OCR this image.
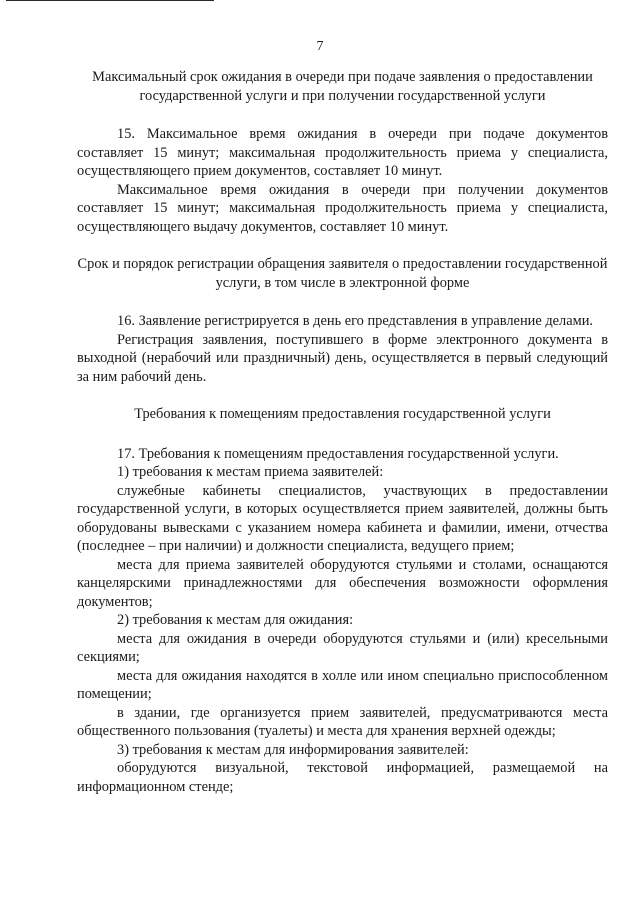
7
Максимальный срок ожидания в очереди при подаче заявления о предоставлении государственной услуги и при получении государственной услуги

15. Максимальное время ожидания в очереди при подаче документов составляет 15 минут; максимальная продолжительность приема у специалиста, осуществляющего прием документов, составляет 10 минут.

Максимальное время ожидания в очереди при получении документов составляет 15 минут; максимальная продолжительность приема у специалиста, осуществляющего выдачу документов, составляет 10 минут.

Срок и порядок регистрации обращения заявителя о предоставлении государственной услуги, в том числе в электронной форме

16. Заявление регистрируется в день его представления в управление делами.

Регистрация заявления, поступившего в форме электронного документа в выходной (нерабочий или праздничный) день, осуществляется в первый следующий за ним рабочий день.

Требования к помещениям предоставления государственной услуги

17. Требования к помещениям предоставления государственной услуги.

1) требования к местам приема заявителей:

служебные кабинеты специалистов, участвующих в предоставлении государственной услуги, в которых осуществляется прием заявителей, должны быть оборудованы вывесками с указанием номера кабинета и фамилии, имени, отчества (последнее – при наличии) и должности специалиста, ведущего прием;

места для приема заявителей оборудуются стульями и столами, оснащаются канцелярскими принадлежностями для обеспечения возможности оформления документов;

2) требования к местам для ожидания:

места для ожидания в очереди оборудуются стульями и (или) кресельными секциями;

места для ожидания находятся в холле или ином специально приспособленном помещении;

в здании, где организуется прием заявителей, предусматриваются места общественного пользования (туалеты) и места для хранения верхней одежды;

3) требования к местам для информирования заявителей:

оборудуются визуальной, текстовой информацией, размещаемой на информационном стенде;
